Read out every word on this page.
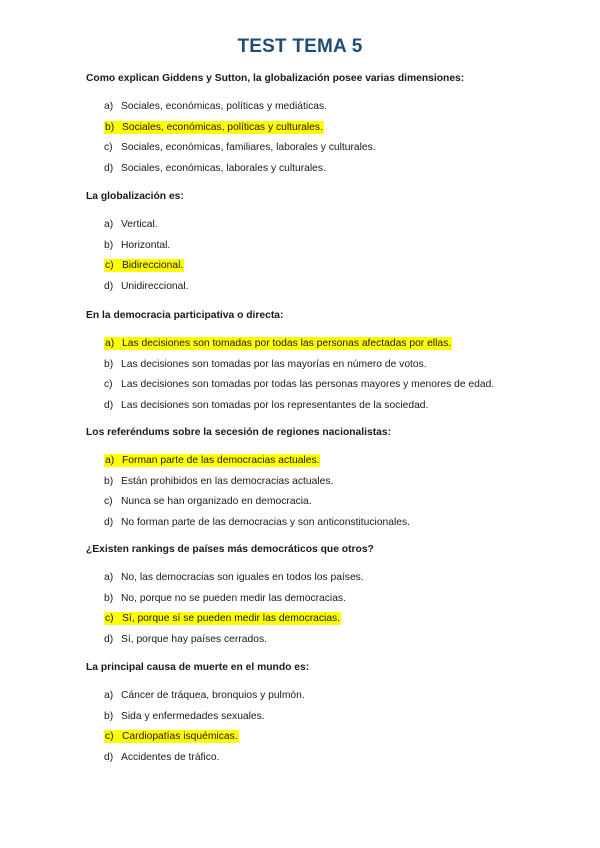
TEST TEMA 5
Como explican Giddens y Sutton, la globalización posee varias dimensiones:
a) Sociales, económicas, políticas y mediáticas.
b) Sociales, económicas, políticas y culturales.
c) Sociales, económicas, familiares, laborales y culturales.
d) Sociales, económicas, laborales y culturales.
La globalización es:
a) Vertical.
b) Horizontal.
c) Bidireccional.
d) Unidireccional.
En la democracia participativa o directa:
a) Las decisiones son tomadas por todas las personas afectadas por ellas.
b) Las decisiones son tomadas por las mayorías en número de votos.
c) Las decisiones son tomadas por todas las personas mayores y menores de edad.
d) Las decisiones son tomadas por los representantes de la sociedad.
Los referéndums sobre la secesión de regiones nacionalistas:
a) Forman parte de las democracias actuales.
b) Están prohibidos en las democracias actuales.
c) Nunca se han organizado en democracia.
d) No forman parte de las democracias y son anticonstitucionales.
¿Existen rankings de países más democráticos que otros?
a) No, las democracias son iguales en todos los países.
b) No, porque no se pueden medir las democracias.
c) Sí, porque sí se pueden medir las democracias.
d) Sí, porque hay países cerrados.
La principal causa de muerte en el mundo es:
a) Cáncer de tráquea, bronquios y pulmón.
b) Sida y enfermedades sexuales.
c) Cardiopatías isquémicas.
d) Accidentes de tráfico.
